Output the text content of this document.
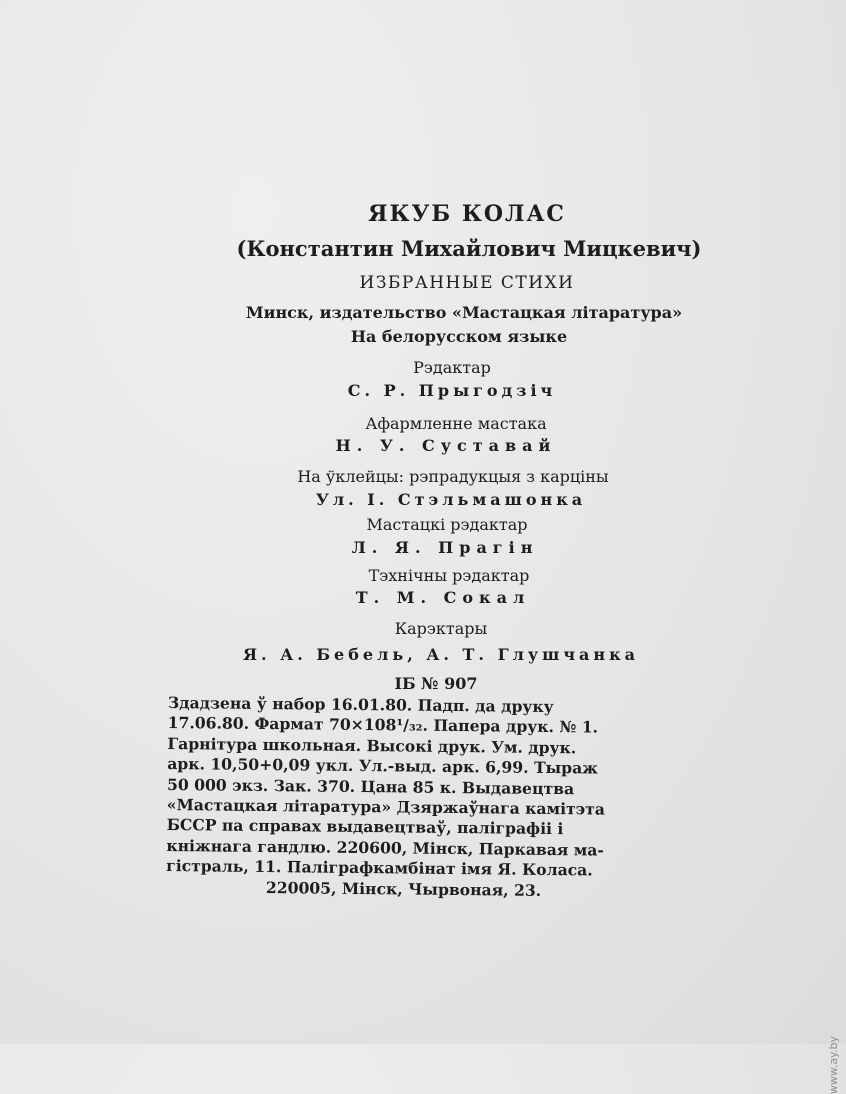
ЯКУБ КОЛАС
(Константин Михайлович Мицкевич)
ИЗБРАННЫЕ СТИХИ
Минск, издательство «Мастацкая літаратура»
На белорусском языке
Рэдактар
С. Р. Прыгодзіч
Афармленне мастака
Н. У. Суставай
На ўклейцы: рэпрадукцыя з карціны
Ул. І. Стэльмашонка
Мастацкі рэдактар
Л. Я. Прагін
Тэхнічны рэдактар
Т. М. Сокал
Карэктары
Я. А. Бебель, А. Т. Глушчанка
ІБ № 907
Здадзена ў набор 16.01.80. Падп. да друку
17.06.80. Фармат 70×108¹/₃₂. Папера друк. № 1.
Гарнітура школьная. Высокі друк. Ум. друк.
арк. 10,50+0,09 укл. Ул.-выд. арк. 6,99. Тыраж
50 000 экз. Зак. 370. Цана 85 к. Выдавецтва
«Мастацкая літаратура» Дзяржаўнага камітэта
БССР па справах выдавецтваў, паліграфіі і
кніжнага гандлю. 220600, Мінск, Паркавая ма-
гістраль, 11. Паліграфкамбінат імя Я. Коласа.
220005, Мінск, Чырвоная, 23.
www.ay.by
